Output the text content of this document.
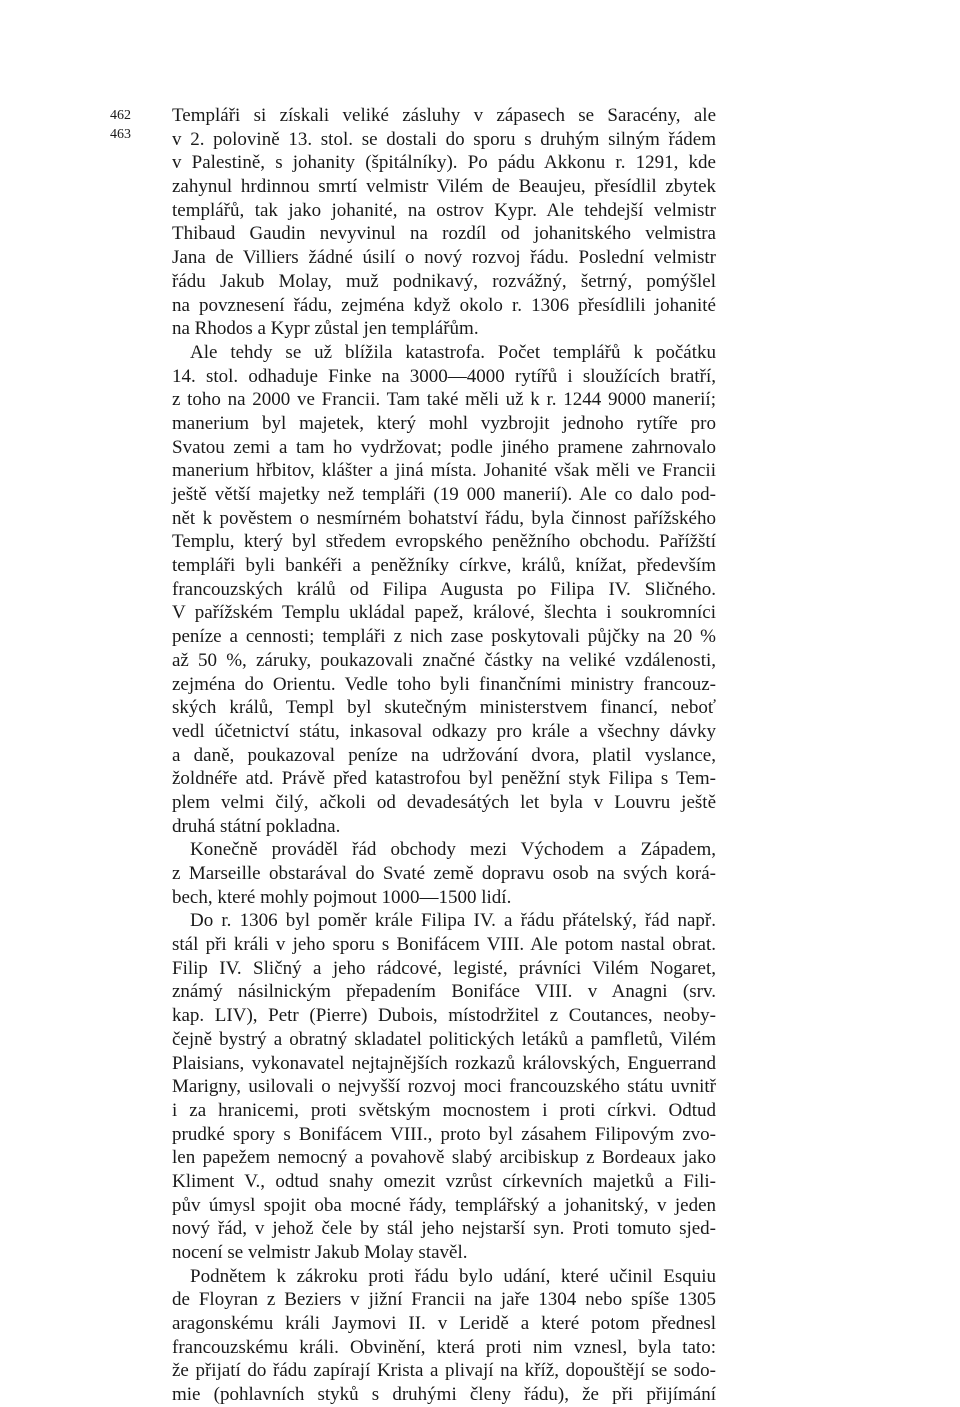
462
463
Templáři si získali veliké zásluhy v zápasech se Saracény, ale
v 2. polovině 13. stol. se dostali do sporu s druhým silným řádem
v Palestině, s johanity (špitálníky). Po pádu Akkonu r. 1291, kde
zahynul hrdinnou smrtí velmistr Vilém de Beaujeu, přesídlil zbytek
templářů, tak jako johanité, na ostrov Kypr. Ale tehdejší velmistr
Thibaud Gaudin nevyvinul na rozdíl od johanitského velmistra
Jana de Villiers žádné úsilí o nový rozvoj řádu. Poslední velmistr
řádu Jakub Molay, muž podnikavý, rozvážný, šetrný, pomýšlel
na povznesení řádu, zejména když okolo r. 1306 přesídlili johanité
na Rhodos a Kypr zůstal jen templářům.
Ale tehdy se už blížila katastrofa. Počet templářů k počátku
14. stol. odhaduje Finke na 3000—4000 rytířů i sloužících bratří,
z toho na 2000 ve Francii. Tam také měli už k r. 1244 9000 manerií;
manerium byl majetek, který mohl vyzbrojit jednoho rytíře pro
Svatou zemi a tam ho vydržovat; podle jiného pramene zahrnovalo
manerium hřbitov, klášter a jiná místa. Johanité však měli ve Francii
ještě větší majetky než templáři (19 000 manerií). Ale co dalo pod-
nět k pověstem o nesmírném bohatství řádu, byla činnost pařížského
Templu, který byl středem evropského peněžního obchodu. Pařížští
templáři byli bankéři a peněžníky církve, králů, knížat, především
francouzských králů od Filipa Augusta po Filipa IV. Sličného.
V pařížském Templu ukládal papež, králové, šlechta i soukromníci
peníze a cennosti; templáři z nich zase poskytovali půjčky na 20 %
až 50 %, záruky, poukazovali značné částky na veliké vzdálenosti,
zejména do Orientu. Vedle toho byli finančními ministry francouz-
ských králů, Templ byl skutečným ministerstvem financí, neboť
vedl účetnictví státu, inkasoval odkazy pro krále a všechny dávky
a daně, poukazoval peníze na udržování dvora, platil vyslance,
žoldnéře atd. Právě před katastrofou byl peněžní styk Filipa s Tem-
plem velmi čilý, ačkoli od devadesátých let byla v Louvru ještě
druhá státní pokladna.
Konečně prováděl řád obchody mezi Východem a Západem,
z Marseille obstarával do Svaté země dopravu osob na svých korá-
bech, které mohly pojmout 1000—1500 lidí.
Do r. 1306 byl poměr krále Filipa IV. a řádu přátelský, řád např.
stál při králi v jeho sporu s Bonifácem VIII. Ale potom nastal obrat.
Filip IV. Sličný a jeho rádcové, legisté, právníci Vilém Nogaret,
známý násilnickým přepadením Bonifáce VIII. v Anagni (srv.
kap. LIV), Petr (Pierre) Dubois, místodržitel z Coutances, neoby-
čejně bystrý a obratný skladatel politických letáků a pamfletů, Vilém
Plaisians, vykonavatel nejtajnějších rozkazů královských, Enguerrand
Marigny, usilovali o nejvyšší rozvoj moci francouzského státu uvnitř
i za hranicemi, proti světským mocnostem i proti církvi. Odtud
prudké spory s Bonifácem VIII., proto byl zásahem Filipovým zvo-
len papežem nemocný a povahově slabý arcibiskup z Bordeaux jako
Kliment V., odtud snahy omezit vzrůst církevních majetků a Fili-
pův úmysl spojit oba mocné řády, templářský a johanitský, v jeden
nový řád, v jehož čele by stál jeho nejstarší syn. Proti tomuto sjed-
nocení se velmistr Jakub Molay stavěl.
Podnětem k zákroku proti řádu bylo udání, které učinil Esquiu
de Floyran z Beziers v jižní Francii na jaře 1304 nebo spíše 1305
aragonskému králi Jaymovi II. v Leridě a které potom přednesl
francouzskému králi. Obvinění, která proti nim vznesl, byla tato:
že přijatí do řádu zapírají Krista a plivají na kříž, dopouštějí se sodo-
mie (pohlavních styků s druhými členy řádu), že při přijímání
